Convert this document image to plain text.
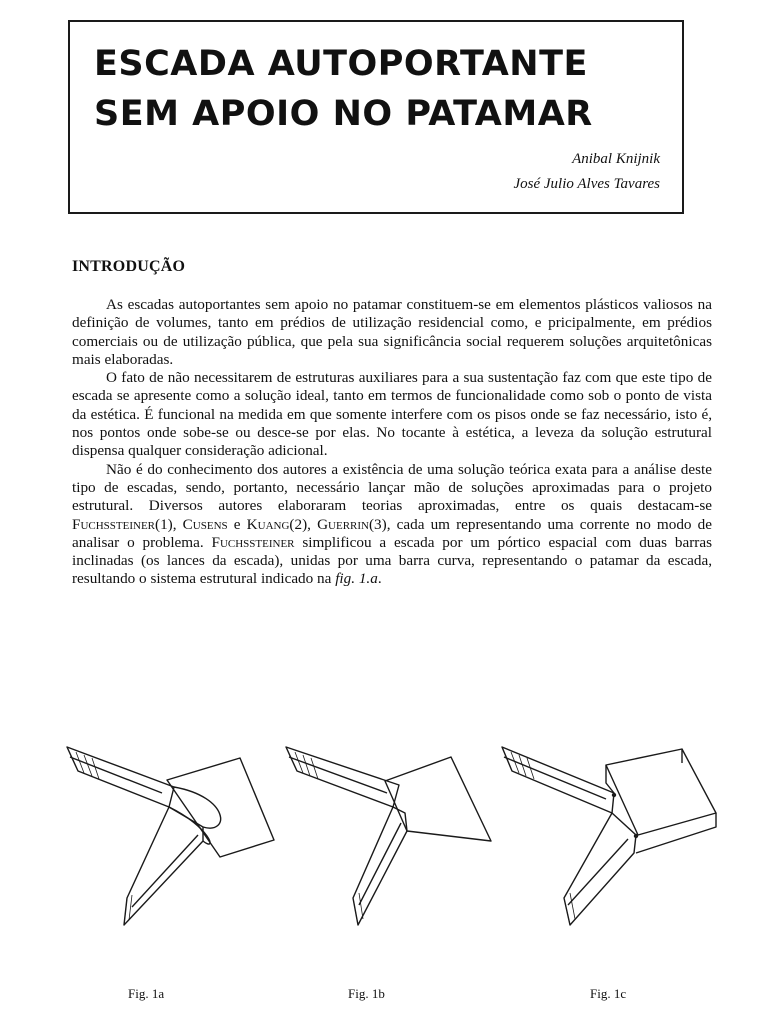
ESCADA AUTOPORTANTE
SEM APOIO NO PATAMAR

Anibal Knijnik

José Julio Alves Tavares

INTRODUÇÃO

As escadas autoportantes sem apoio no patamar constituem-se em elementos plásticos valiosos na definição de volumes, tanto em prédios de utilização residencial como, e pricipalmente, em prédios comerciais ou de utilização pública, que pela sua significância social requerem soluções arquitetônicas mais elaboradas.

O fato de não necessitarem de estruturas auxiliares para a sua sustentação faz com que este tipo de escada se apresente como a solução ideal, tanto em termos de funcionalidade como sob o ponto de vista da estética. É funcional na medida em que somente interfere com os pisos onde se faz necessário, isto é, nos pontos onde sobe-se ou desce-se por elas. No tocante à estética, a leveza da solução estrutural dispensa qualquer consideração adicional.

Não é do conhecimento dos autores a existência de uma solução teórica exata para a análise deste tipo de escadas, sendo, portanto, necessário lançar mão de soluções aproximadas para o projeto estrutural. Diversos autores elaboraram teorias aproximadas, entre os quais destacam-se Fuchssteiner(1), Cusens e Kuang(2), Guerrin(3), cada um representando uma corrente no modo de analisar o problema. Fuchssteiner simplificou a escada por um pórtico espacial com duas barras inclinadas (os lances da escada), unidas por uma barra curva, representando o patamar da escada, resultando o sistema estrutural indicado na fig. 1.a.

Fig. 1a	Fig. 1b	Fig. 1c
